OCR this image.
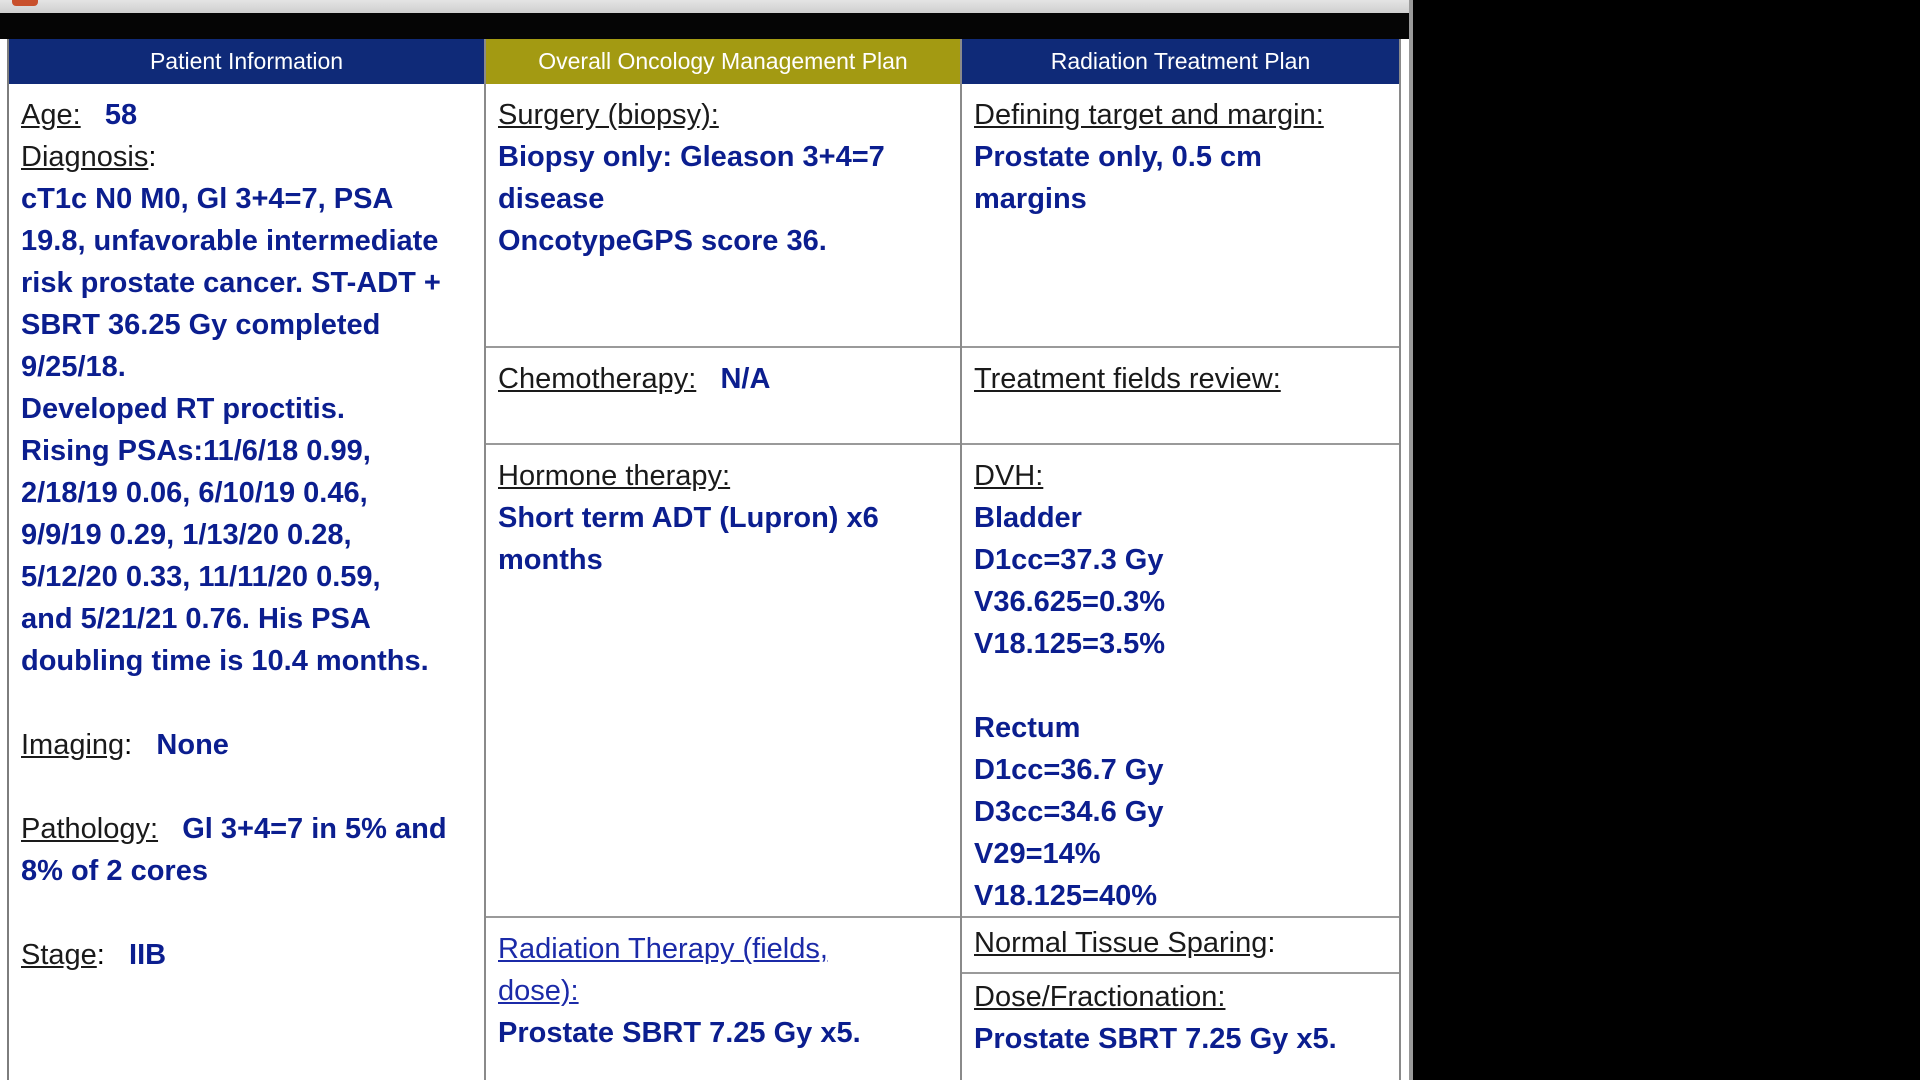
Patient Information
Age: 58
Diagnosis:
cT1c N0 M0, Gl 3+4=7, PSA
19.8, unfavorable intermediate
risk prostate cancer. ST-ADT +
SBRT 36.25 Gy completed
9/25/18.
Developed RT proctitis.
Rising PSAs:11/6/18 0.99,
2/18/19 0.06, 6/10/19 0.46,
9/9/19 0.29, 1/13/20 0.28,
5/12/20 0.33, 11/11/20 0.59,
and 5/21/21 0.76. His PSA
doubling time is 10.4 months.
Imaging: None
Pathology: Gl 3+4=7 in 5% and
8% of 2 cores
Stage: IIB
Overall Oncology Management Plan
Surgery (biopsy):
Biopsy only: Gleason 3+4=7
disease
OncotypeGPS score 36.
Chemotherapy: N/A
Hormone therapy:
Short term ADT (Lupron) x6
months
Radiation Therapy (fields,
dose):
Prostate SBRT 7.25 Gy x5.
Radiation Treatment Plan
Defining target and margin:
Prostate only, 0.5 cm
margins
Treatment fields review:
DVH:
Bladder
D1cc=37.3 Gy
V36.625=0.3%
V18.125=3.5%
Rectum
D1cc=36.7 Gy
D3cc=34.6 Gy
V29=14%
V18.125=40%
Normal Tissue Sparing:
Dose/Fractionation:
Prostate SBRT 7.25 Gy x5.
